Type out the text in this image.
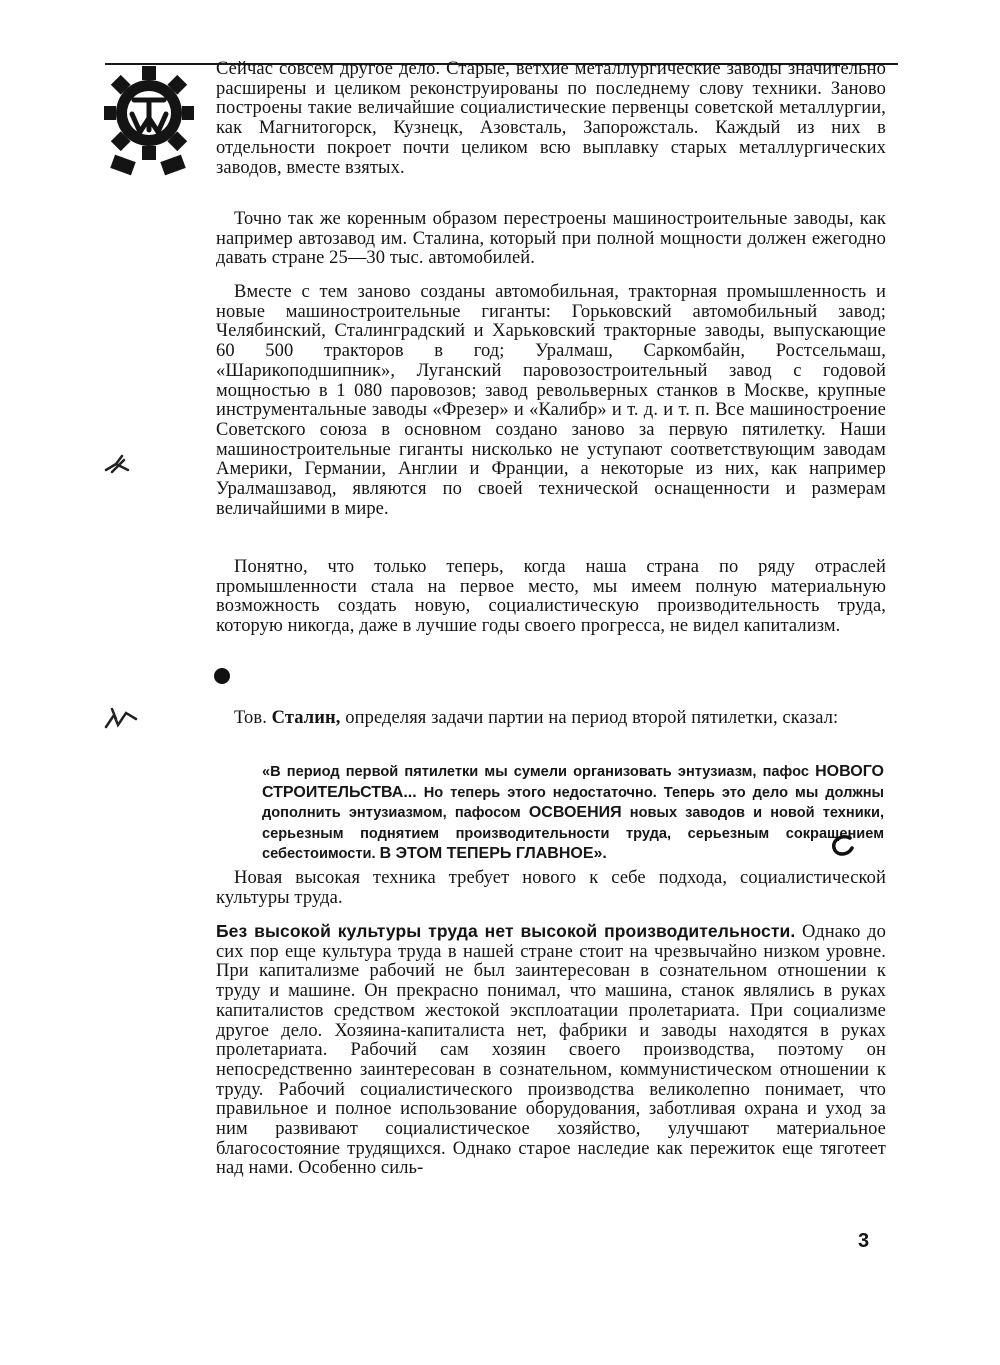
Сейчас совсем другое дело. Старые, ветхие металлургические заводы значительно расширены и целиком реконструированы по последнему слову техники. Заново построены такие величайшие социалистические первенцы советской металлургии, как Магнитогорск, Кузнецк, Азовсталь, Запорожсталь. Каждый из них в отдельности покроет почти целиком всю выплавку старых металлургических заводов, вместе взятых.

Точно так же коренным образом перестроены машиностроительные заводы, как например автозавод им. Сталина, который при полной мощности должен ежегодно давать стране 25—30 тыс. автомобилей.

Вместе с тем заново созданы автомобильная, тракторная промышленность и новые машиностроительные гиганты: Горьковский автомобильный завод; Челябинский, Сталинградский и Харьковский тракторные заводы, выпускающие 60 500 тракторов в год; Уралмаш, Саркомбайн, Ростсельмаш, «Шарикоподшипник», Луганский паровозостроительный завод с годовой мощностью в 1 080 паровозов; завод револьверных станков в Москве, крупные инструментальные заводы «Фрезер» и «Калибр» и т. д. и т. п. Все машиностроение Советского союза в основном создано заново за первую пятилетку. Наши машиностроительные гиганты нисколько не уступают соответствующим заводам Америки, Германии, Англии и Франции, а некоторые из них, как например Уралмашзавод, являются по своей технической оснащенности и размерам величайшими в мире.

Понятно, что только теперь, когда наша страна по ряду отраслей промышленности стала на первое место, мы имеем полную материальную возможность создать новую, социалистическую производительность труда, которую никогда, даже в лучшие годы своего прогресса, не видел капитализм.

Тов. Сталин, определяя задачи партии на период второй пятилетки, сказал:

«В период первой пятилетки мы сумели организовать энтузиазм, пафос НОВОГО СТРОИТЕЛЬСТВА... Но теперь этого недостаточно. Теперь это дело мы должны дополнить энтузиазмом, пафосом ОСВОЕНИЯ новых заводов и новой техники, серьезным поднятием производительности труда, серьезным сокращением себестоимости. В ЭТОМ ТЕПЕРЬ ГЛАВНОЕ».

Новая высокая техника требует нового к себе подхода, социалистической культуры труда.

Без высокой культуры труда нет высокой производительности. Однако до сих пор еще культура труда в нашей стране стоит на чрезвычайно низком уровне. При капитализме рабочий не был заинтересован в сознательном отношении к труду и машине. Он прекрасно понимал, что машина, станок являлись в руках капиталистов средством жестокой эксплоатации пролетариата. При социализме другое дело. Хозяина-капиталиста нет, фабрики и заводы находятся в руках пролетариата. Рабочий сам хозяин своего производства, поэтому он непосредственно заинтересован в сознательном, коммунистическом отношении к труду. Рабочий социалистического производства великолепно понимает, что правильное и полное использование оборудования, заботливая охрана и уход за ним развивают социалистическое хозяйство, улучшают материальное благосостояние трудящихся. Однако старое наследие как пережиток еще тяготеет над нами. Особенно силь-

3
